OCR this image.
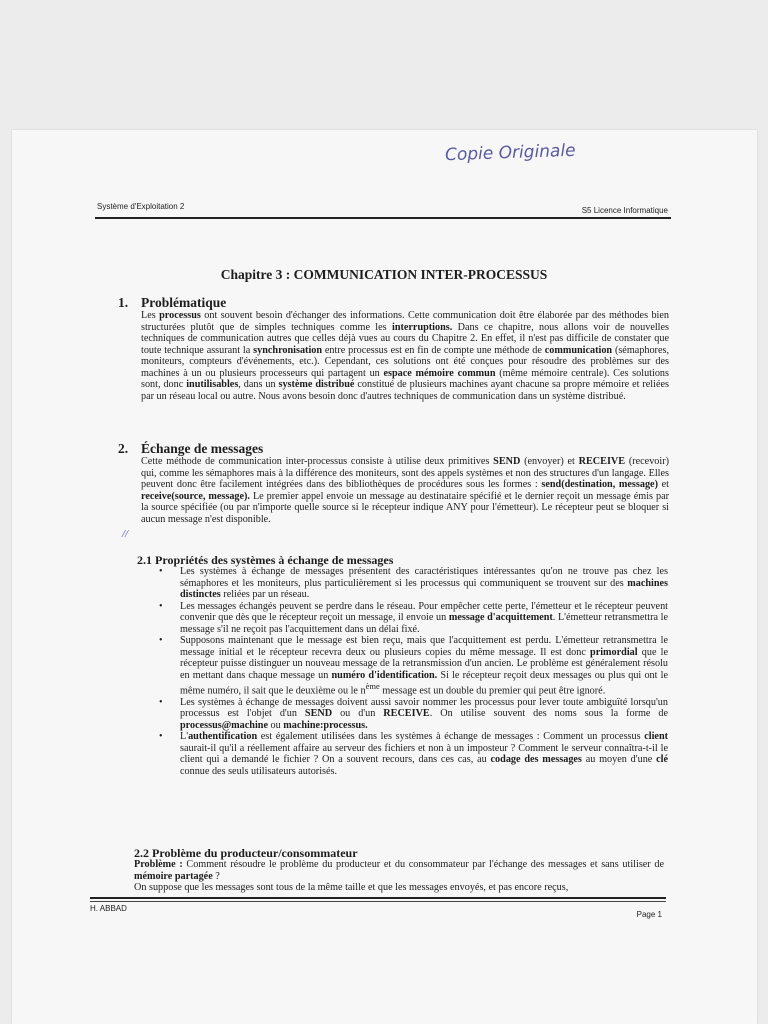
Copie Originale
Système d'Exploitation 2	S5 Licence Informatique
Chapitre 3 : COMMUNICATION INTER-PROCESSUS
1. Problématique
Les processus ont souvent besoin d'échanger des informations. Cette communication doit être élaborée par des méthodes bien structurées plutôt que de simples techniques comme les interruptions. Dans ce chapitre, nous allons voir de nouvelles techniques de communication autres que celles déjà vues au cours du Chapitre 2. En effet, il n'est pas difficile de constater que toute technique assurant la synchronisation entre processus est en fin de compte une méthode de communication (sémaphores, moniteurs, compteurs d'événements, etc.). Cependant, ces solutions ont été conçues pour résoudre des problèmes sur des machines à un ou plusieurs processeurs qui partagent un espace mémoire commun (même mémoire centrale). Ces solutions sont, donc inutilisables, dans un système distribué constitué de plusieurs machines ayant chacune sa propre mémoire et reliées par un réseau local ou autre. Nous avons besoin donc d'autres techniques de communication dans un système distribué.
2. Échange de messages
Cette méthode de communication inter-processus consiste à utilise deux primitives SEND (envoyer) et RECEIVE (recevoir) qui, comme les sémaphores mais à la différence des moniteurs, sont des appels systèmes et non des structures d'un langage. Elles peuvent donc être facilement intégrées dans des bibliothèques de procédures sous les formes : send(destination, message) et receive(source, message). Le premier appel envoie un message au destinataire spécifié et le dernier reçoit un message émis par la source spécifiée (ou par n'importe quelle source si le récepteur indique ANY pour l'émetteur). Le récepteur peut se bloquer si aucun message n'est disponible.
//
2.1 Propriétés des systèmes à échange de messages
• Les systèmes à échange de messages présentent des caractéristiques intéressantes qu'on ne trouve pas chez les sémaphores et les moniteurs, plus particulièrement si les processus qui communiquent se trouvent sur des machines distinctes reliées par un réseau.
• Les messages échangés peuvent se perdre dans le réseau. Pour empêcher cette perte, l'émetteur et le récepteur peuvent convenir que dès que le récepteur reçoit un message, il envoie un message d'acquittement. L'émetteur retransmettra le message s'il ne reçoit pas l'acquittement dans un délai fixé.
• Supposons maintenant que le message est bien reçu, mais que l'acquittement est perdu. L'émetteur retransmettra le message initial et le récepteur recevra deux ou plusieurs copies du même message. Il est donc primordial que le récepteur puisse distinguer un nouveau message de la retransmission d'un ancien. Le problème est généralement résolu en mettant dans chaque message un numéro d'identification. Si le récepteur reçoit deux messages ou plus qui ont le même numéro, il sait que le deuxième ou le $n^{ème}$ message est un double du premier qui peut être ignoré.
• Les systèmes à échange de messages doivent aussi savoir nommer les processus pour lever toute ambiguïté lorsqu'un processus est l'objet d'un SEND ou d'un RECEIVE. On utilise souvent des noms sous la forme de processus@machine ou machine:processus.
• L'authentification est également utilisées dans les systèmes à échange de messages : Comment un processus client saurait-il qu'il a réellement affaire au serveur des fichiers et non à un imposteur ? Comment le serveur connaîtra-t-il le client qui a demandé le fichier ? On a souvent recours, dans ces cas, au codage des messages au moyen d'une clé connue des seuls utilisateurs autorisés.
2.2 Problème du producteur/consommateur
Problème : Comment résoudre le problème du producteur et du consommateur par l'échange des messages et sans utiliser de mémoire partagée ?
On suppose que les messages sont tous de la même taille et que les messages envoyés, et pas encore reçus,
H. ABBAD
Page 1
